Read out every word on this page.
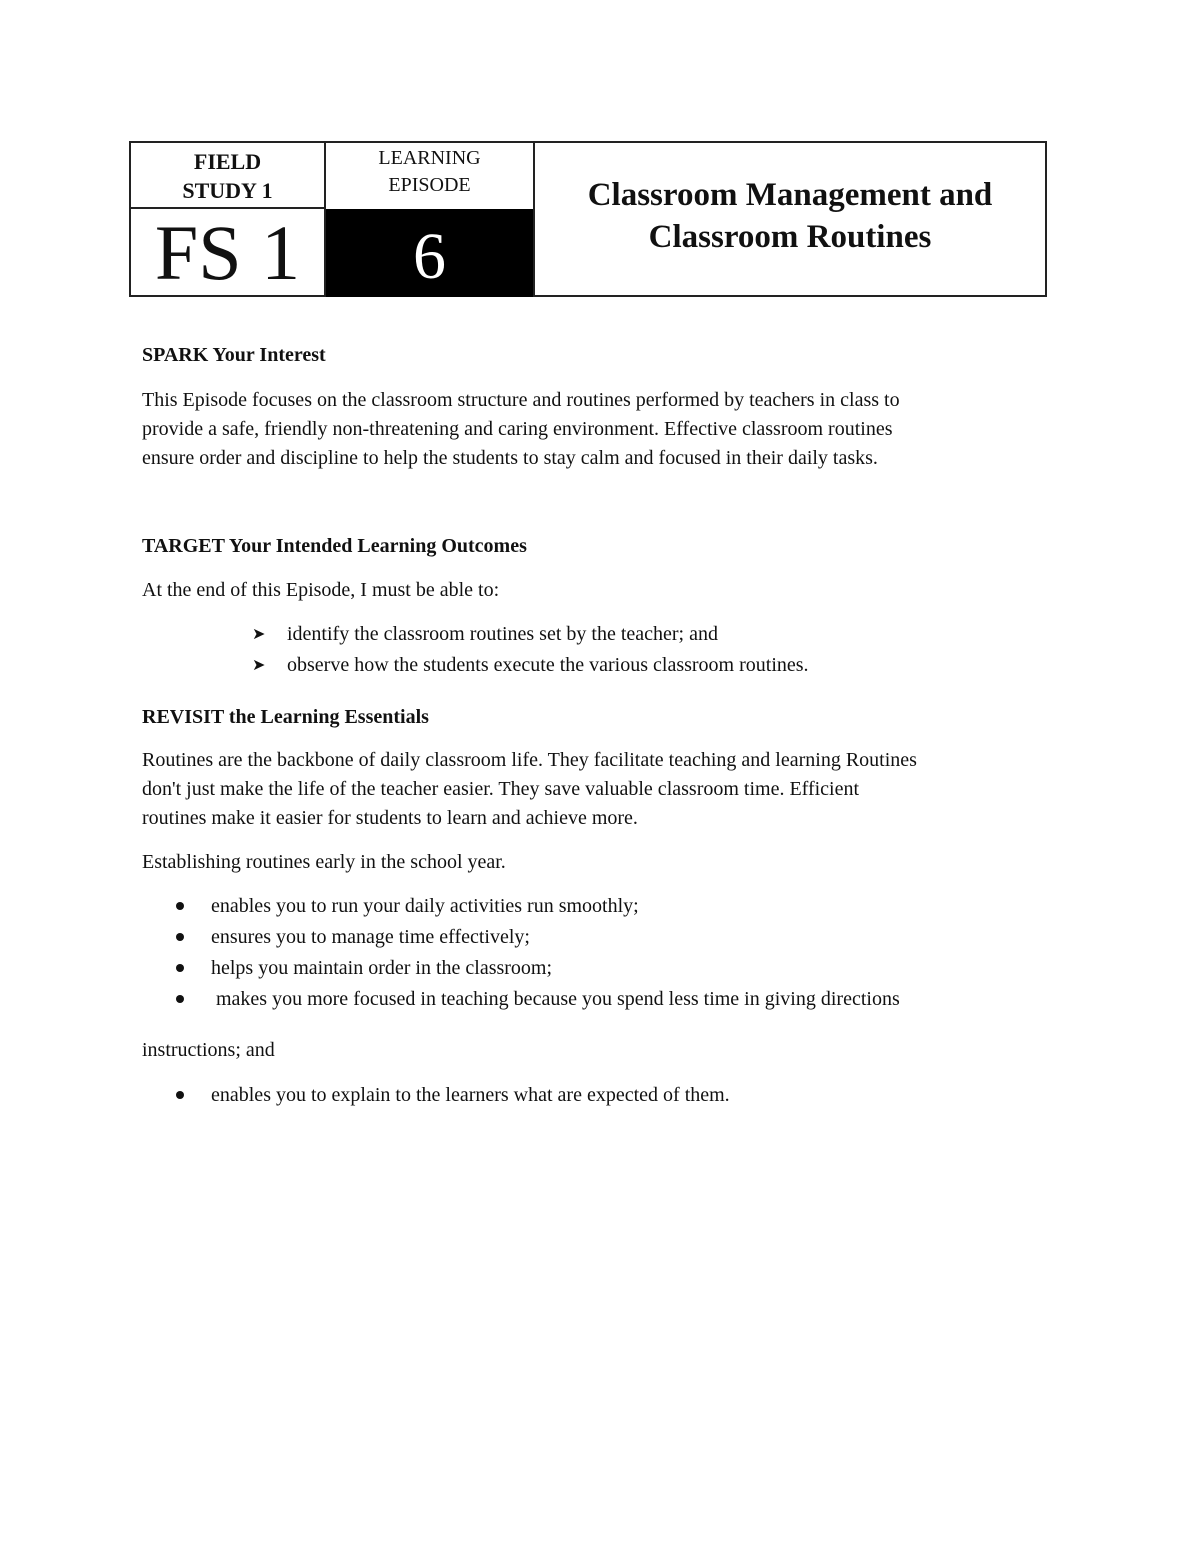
FIELD
STUDY 1
FS 1
LEARNING
EPISODE
6
Classroom Management and
Classroom Routines

SPARK Your Interest

This Episode focuses on the classroom structure and routines performed by teachers in class to

provide a safe, friendly non-threatening and caring environment. Effective classroom routines

ensure order and discipline to help the students to stay calm and focused in their daily tasks.

TARGET Your Intended Learning Outcomes

At the end of this Episode, I must be able to:

➤ identify the classroom routines set by the teacher; and
➤ observe how the students execute the various classroom routines.

REVISIT the Learning Essentials

Routines are the backbone of daily classroom life. They facilitate teaching and learning Routines

don't just make the life of the teacher easier. They save valuable classroom time. Efficient

routines make it easier for students to learn and achieve more.

Establishing routines early in the school year.

enables you to run your daily activities run smoothly;
ensures you to manage time effectively;
helps you maintain order in the classroom;
makes you more focused in teaching because you spend less time in giving directions

instructions; and

enables you to explain to the learners what are expected of them.
